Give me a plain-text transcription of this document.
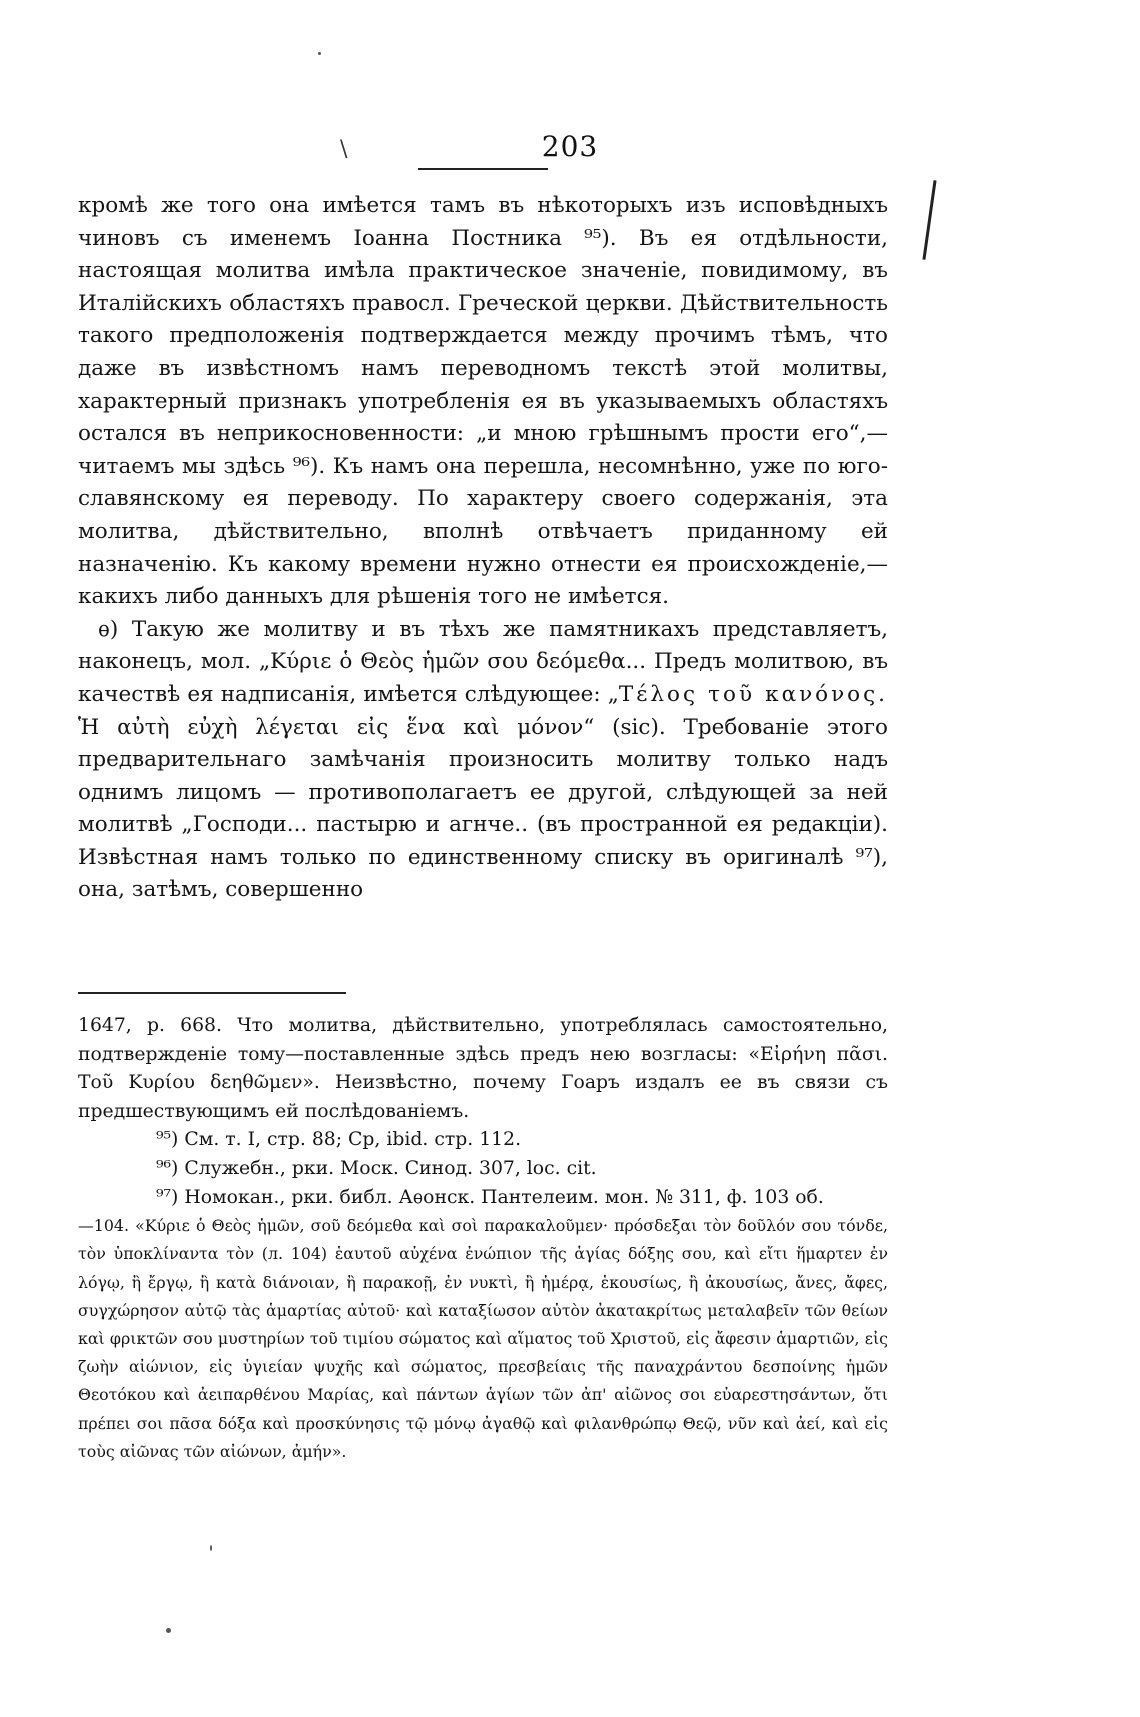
\	203

кромѣ же того она имѣется тамъ въ нѣкоторыхъ изъ исповѣдныхъ чиновъ съ именемъ Іоанна Постника ⁹⁵). Въ ея отдѣльности, настоящая молитва имѣла практическое значеніе, повидимому, въ Италійскихъ областяхъ правосл. Греческой церкви. Дѣйствительность такого предположенія подтверждается между прочимъ тѣмъ, что даже въ извѣстномъ намъ переводномъ текстѣ этой молитвы, характерный признакъ употребленія ея въ указываемыхъ областяхъ остался въ неприкосновенности: „и мною грѣшнымъ прости его“,—читаемъ мы здѣсь ⁹⁶). Къ намъ она перешла, несомнѣнно, уже по юго-славянскому ея переводу. По характеру своего содержанія, эта молитва, дѣйствительно, вполнѣ отвѣчаетъ приданному ей назначенію. Къ какому времени нужно отнести ея происхожденіе,—какихъ либо данныхъ для рѣшенія того не имѣется.

ѳ) Такую же молитву и въ тѣхъ же памятникахъ представляетъ, наконецъ, мол. „Κύριε ὁ Θεὸς ἡμῶν σου δεόμεθα... Предъ молитвою, въ качествѣ ея надписанія, имѣется слѣдующее: „Τέλος τοῦ κανόνος. Ἡ αὐτὴ εὐχὴ λέγεται εἰς ἕνα καὶ μόνον“ (sic). Требованіе этого предварительнаго замѣчанія произносить молитву только надъ однимъ лицомъ — противополагаетъ ее другой, слѣдующей за ней молитвѣ „Господи... пастырю и агнче.. (въ пространной ея редакціи). Извѣстная намъ только по единственному списку въ оригиналѣ ⁹⁷), она, затѣмъ, совершенно

1647, p. 668. Что молитва, дѣйствительно, употреблялась самостоятельно, подтвержденіе тому—поставленные здѣсь предъ нею возгласы: «Εἰρήνη πᾶσι. Τοῦ Κυρίου δεηθῶμεν». Неизвѣстно, почему Гоаръ издалъ ее въ связи съ предшествующимъ ей послѣдованіемъ.

⁹⁵) См. т. I, стр. 88; Cp, ibid. стр. 112.

⁹⁶) Служебн., рки. Моск. Синод. 307, loc. cit.

⁹⁷) Номокан., рки. библ. Аѳонск. Пантелеим. мон. № 311, ф. 103 об.

—104. «Κύριε ὁ Θεὸς ἡμῶν, σοῦ δεόμεθα καὶ σοὶ παρακαλοῦμεν· πρόσδεξαι τὸν δοῦλόν σου τόνδε, τὸν ὑποκλίναντα τὸν (л. 104) ἑαυτοῦ αὐχένα ἐνώπιον τῆς ἁγίας δόξης σου, καὶ εἴτι ἥμαρτεν ἐν λόγῳ, ἢ ἔργῳ, ἢ κατὰ διάνοιαν, ἢ παρακοῇ, ἐν νυκτὶ, ἢ ἡμέρᾳ, ἑκουσίως, ἢ ἀκουσίως, ἄνες, ἄφες, συγχώρησον αὐτῷ τὰς ἁμαρτίας αὐτοῦ· καὶ καταξίωσον αὐτὸν ἀκατακρίτως μεταλαβεῖν τῶν θείων καὶ φρικτῶν σου μυστηρίων τοῦ τιμίου σώματος καὶ αἵματος τοῦ Χριστοῦ, εἰς ἄφεσιν ἁμαρτιῶν, εἰς ζωὴν αἰώνιον, εἰς ὑγιείαν ψυχῆς καὶ σώματος, πρεσβείαις τῆς παναχράντου δεσποίνης ἡμῶν Θεοτόκου καὶ ἀειπαρθένου Μαρίας, καὶ πάντων ἁγίων τῶν ἀπ' αἰῶνος σοι εὐαρεστησάντων, ὅτι πρέπει σοι πᾶσα δόξα καὶ προσκύνησις τῷ μόνῳ ἀγαθῷ καὶ φιλανθρώπῳ Θεῷ, νῦν καὶ ἀεί, καὶ εἰς τοὺς αἰῶνας τῶν αἰώνων, ἀμήν».
